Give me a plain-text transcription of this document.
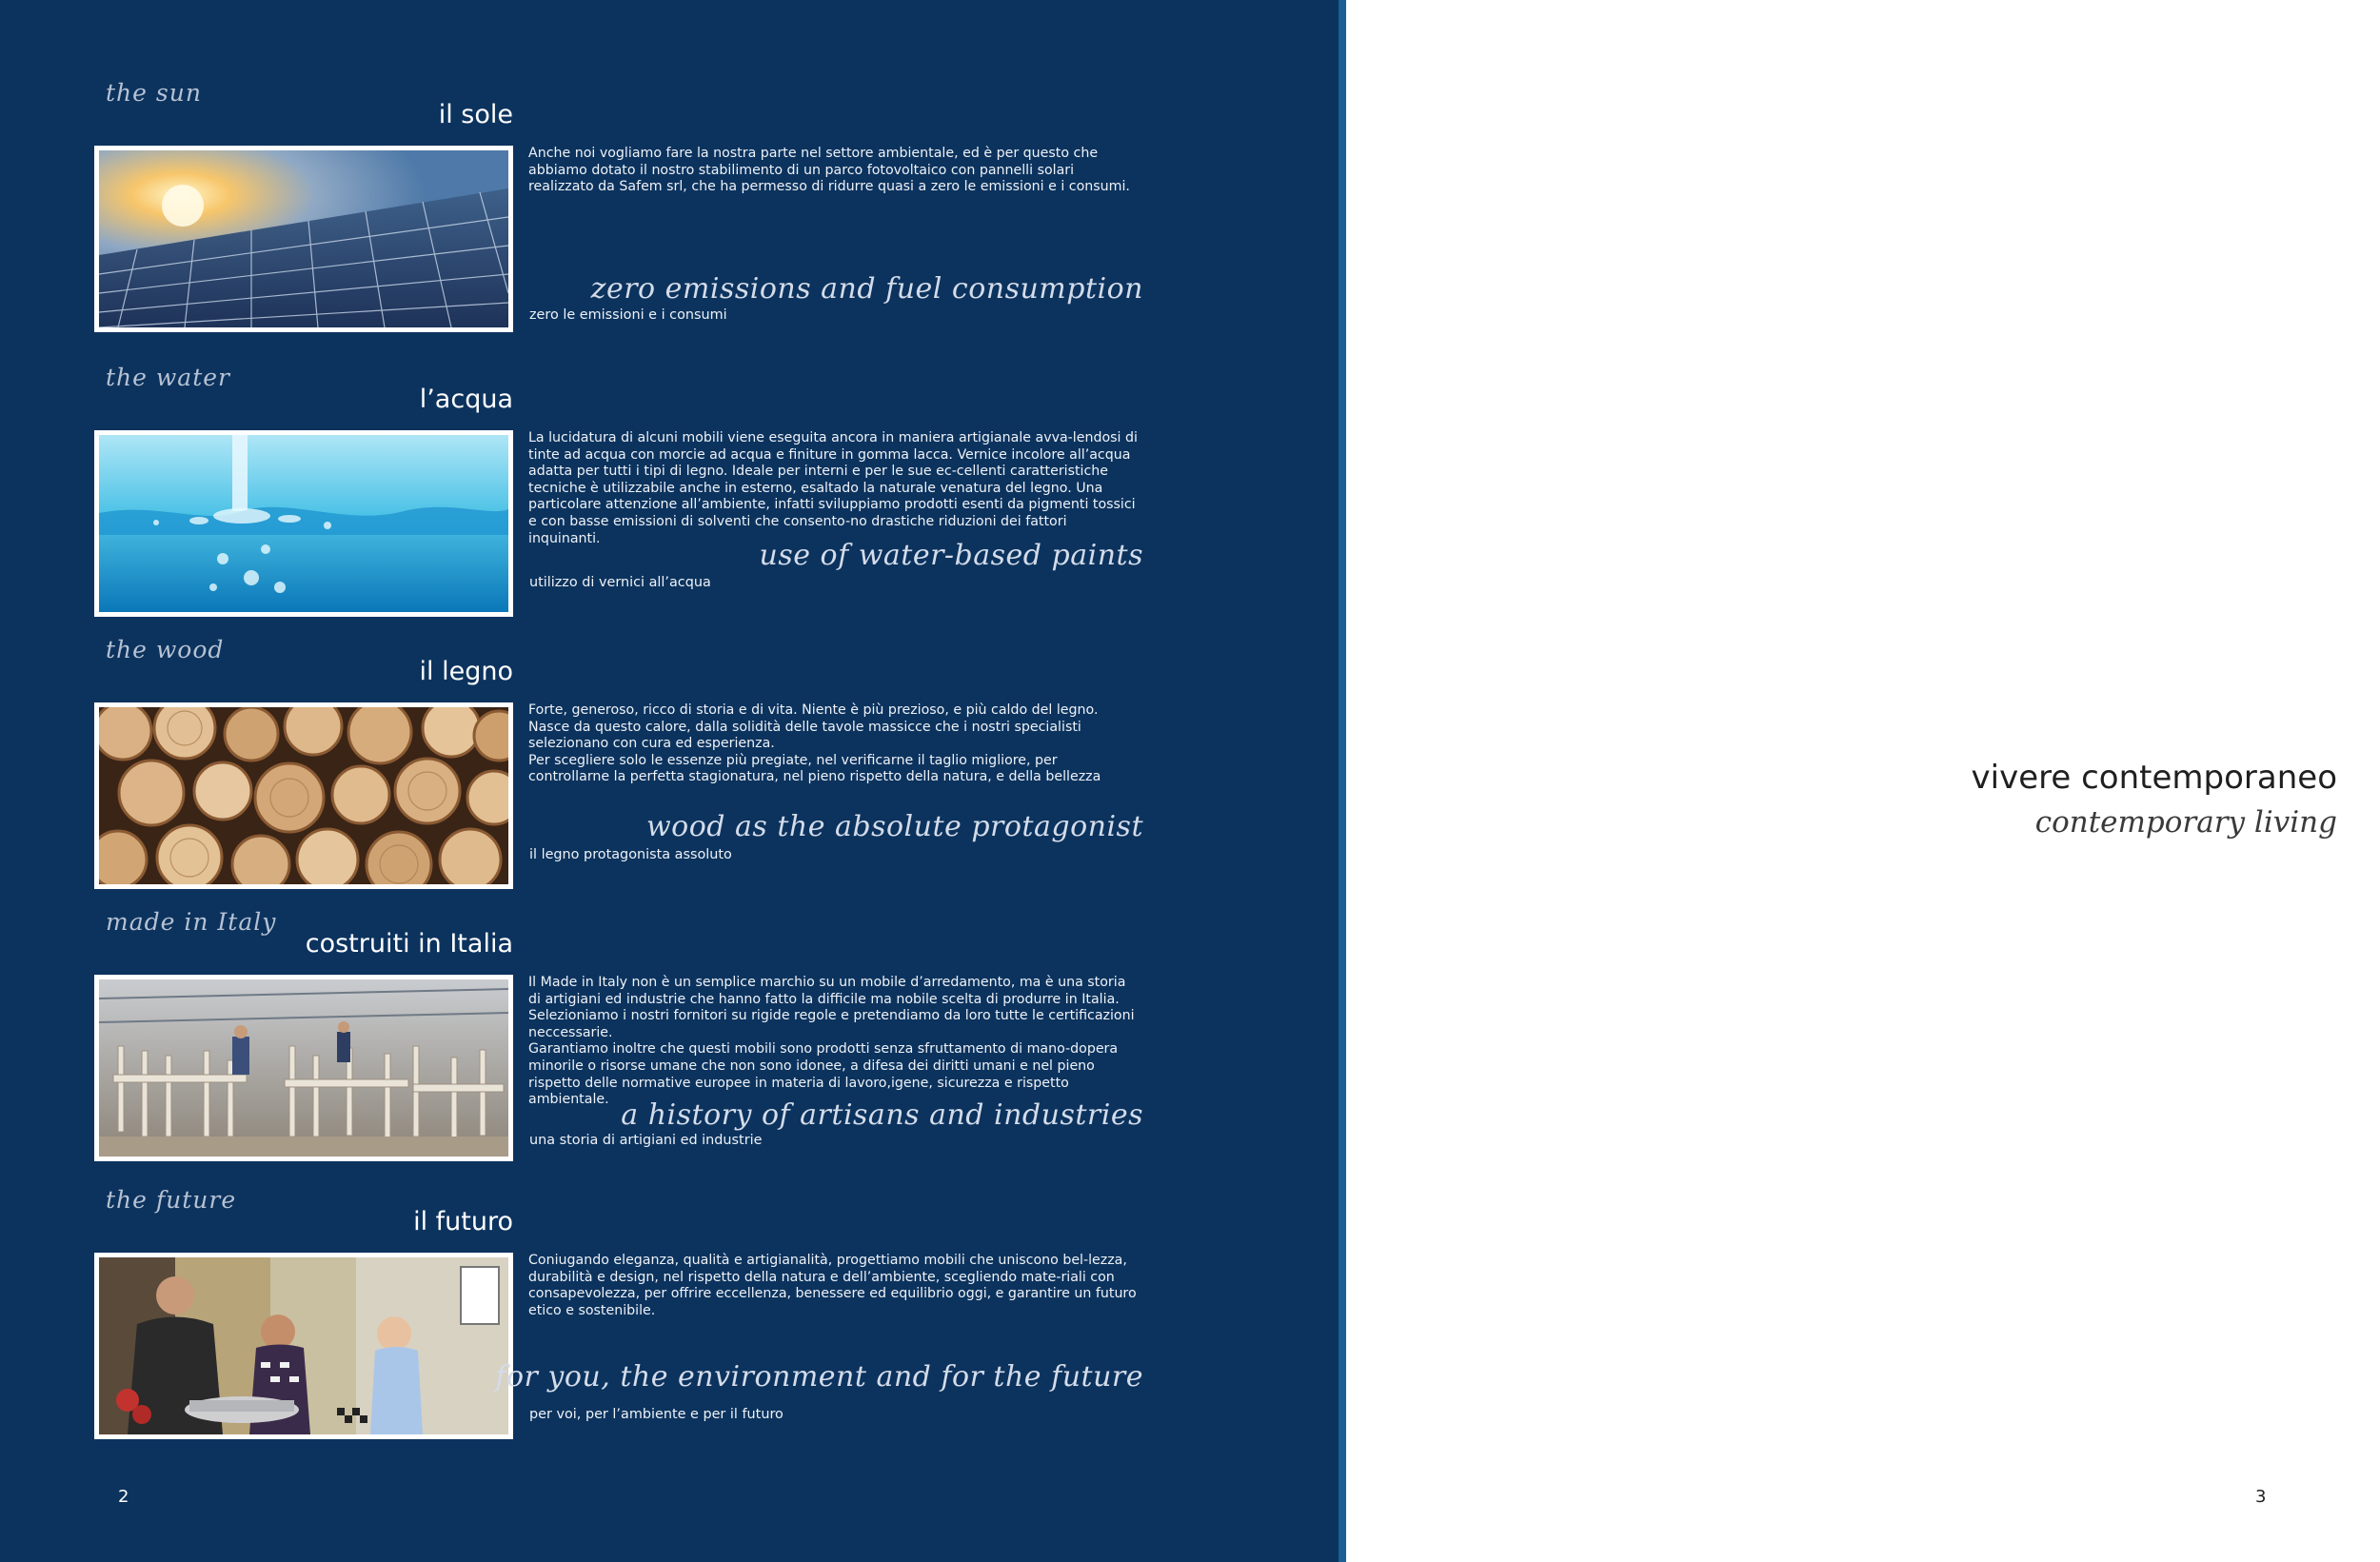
the sun
il sole

Anche noi vogliamo fare la nostra parte nel settore ambientale, ed è per questo che abbiamo dotato il nostro stabilimento di un parco fotovoltaico con pannelli solari realizzato da Safem srl, che ha permesso di ridurre quasi a zero le emissioni e i consumi.

zero emissions and fuel consumption
zero le emissioni e i consumi
the water
l’acqua

La lucidatura di alcuni mobili viene eseguita ancora in maniera artigianale avva-lendosi di tinte ad acqua con morcie ad acqua e finiture in gomma lacca. Vernice incolore all’acqua adatta per tutti i tipi di legno. Ideale per interni e per le sue ec-cellenti caratteristiche tecniche è utilizzabile anche in esterno, esaltado la naturale venatura del legno. Una particolare attenzione all’ambiente, infatti sviluppiamo prodotti esenti da pigmenti tossici e con basse emissioni di solventi che consento-no drastiche riduzioni dei fattori inquinanti.

use of water-based paints
utilizzo di vernici all’acqua
the wood
il legno

Forte, generoso, ricco di storia e di vita. Niente è più prezioso, e più caldo del legno. Nasce da questo calore, dalla solidità delle tavole massicce che i nostri specialisti selezionano con cura ed esperienza.
Per scegliere solo le essenze più pregiate, nel verificarne il taglio migliore, per controllarne la perfetta stagionatura, nel pieno rispetto della natura, e della bellezza

wood as the absolute protagonist
il legno protagonista assoluto
made in Italy
costruiti in Italia

Il Made in Italy non è un semplice marchio su un mobile d’arredamento, ma è una storia di artigiani ed industrie che hanno fatto la difficile ma nobile scelta di produrre in Italia. Selezioniamo i nostri fornitori su rigide regole e pretendiamo da loro tutte le certificazioni neccessarie.
Garantiamo inoltre che questi mobili sono prodotti senza sfruttamento di mano-dopera minorile o risorse umane che non sono idonee, a difesa dei diritti umani e nel pieno rispetto delle normative europee in materia di lavoro,igene, sicurezza e rispetto ambientale. a history of artisans and industries
una storia di artigiani ed industrie
the future
il futuro

Coniugando eleganza, qualità e artigianalità, progettiamo mobili che uniscono bel-lezza, durabilità e design, nel rispetto della natura e dell’ambiente, scegliendo mate-riali con consapevolezza, per offrire eccellenza, benessere ed equilibrio oggi, e garantire un futuro etico e sostenibile.

for you, the environment and for the future
per voi, per l’ambiente e per il futuro
2
vivere contemporaneo
contemporary living
3
